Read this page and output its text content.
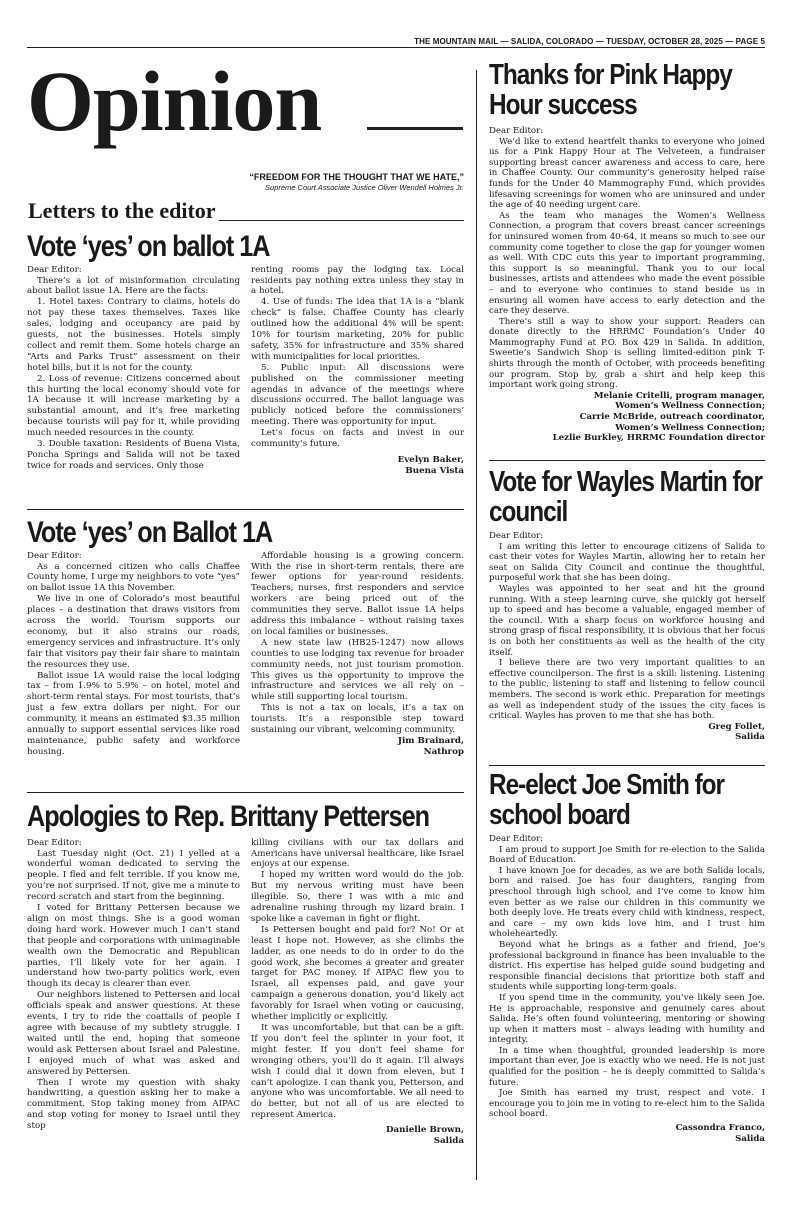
THE MOUNTAIN MAIL — SALIDA, COLORADO — TUESDAY, OCTOBER 28, 2025 — PAGE 5
Opinion
“FREEDOM FOR THE THOUGHT THAT WE HATE,”
Supreme Court Associate Justice Oliver Wendell Holmes Jr.
Letters to the editor
Vote ‘yes’ on ballot 1A

Dear Editor:

There’s a lot of misinformation circulating about ballot issue 1A. Here are the facts:

1. Hotel taxes: Contrary to claims, hotels do not pay these taxes themselves. Taxes like sales, lodging and occupancy are paid by guests, not the businesses. Hotels simply collect and remit them. Some hotels charge an “Arts and Parks Trust” assessment on their hotel bills, but it is not for the county.

2. Loss of revenue: Citizens concerned about this hurting the local economy should vote for 1A because it will increase marketing by a substantial amount, and it’s free marketing because tourists will pay for it, while providing much needed resources in the county.

3. Double taxation: Residents of Buena Vista, Poncha Springs and Salida will not be taxed twice for roads and services. Only those

renting rooms pay the lodging tax. Local residents pay nothing extra unless they stay in a hotel.

4. Use of funds: The idea that 1A is a “blank check” is false. Chaffee County has clearly outlined how the additional 4% will be spent: 10% for tourism marketing, 20% for public safety, 35% for infrastructure and 35% shared with municipalities for local priorities.

5. Public input: All discussions were published on the commissioner meeting agendas in advance of the meetings where discussions occurred. The ballot language was publicly noticed before the commissioners’ meeting. There was opportunity for input.

Let’s focus on facts and invest in our community’s future.

Evelyn Baker,
Buena Vista
Vote ‘yes’ on Ballot 1A

Dear Editor:

As a concerned citizen who calls Chaffee County home, I urge my neighbors to vote “yes” on ballot issue 1A this November.

We live in one of Colorado’s most beautiful places – a destination that draws visitors from across the world. Tourism supports our economy, but it also strains our roads, emergency services and infrastructure. It’s only fair that visitors pay their fair share to maintain the resources they use.

Ballot issue 1A would raise the local lodging tax – from 1.9% to 5.9% – on hotel, motel and short-term rental stays. For most tourists, that’s just a few extra dollars per night. For our community, it means an estimated $3.35 million annually to support essential services like road maintenance, public safety and workforce housing.

Affordable housing is a growing concern. With the rise in short-term rentals, there are fewer options for year-round residents. Teachers, nurses, first responders and service workers are being priced out of the communities they serve. Ballot issue 1A helps address this imbalance – without raising taxes on local families or businesses.

A new state law (HB25-1247) now allows counties to use lodging tax revenue for broader community needs, not just tourism promotion. This gives us the opportunity to improve the infrastructure and services we all rely on – while still supporting local tourism.

This is not a tax on locals, it’s a tax on tourists. It’s a responsible step toward sustaining our vibrant, welcoming community.

Jim Brainard,
Nathrop
Apologies to Rep. Brittany Pettersen

Dear Editor:

Last Tuesday night (Oct. 21) I yelled at a wonderful woman dedicated to serving the people. I fled and felt terrible. If you know me, you’re not surprised. If not, give me a minute to record scratch and start from the beginning.

I voted for Brittany Pettersen because we align on most things. She is a good woman doing hard work. However much I can’t stand that people and corporations with unimaginable wealth own the Democratic and Republican parties, I’ll likely vote for her again. I understand how two-party politics work, even though its decay is clearer than ever.

Our neighbors listened to Pettersen and local officials speak and answer questions. At these events, I try to ride the coattails of people I agree with because of my subtlety struggle. I waited until the end, hoping that someone would ask Pettersen about Israel and Palestine. I enjoyed much of what was asked and answered by Pettersen.

Then I wrote my question with shaky handwriting, a question asking her to make a commitment. Stop taking money from AIPAC and stop voting for money to Israel until they stop

killing civilians with our tax dollars and Americans have universal healthcare, like Israel enjoys at our expense.

I hoped my written word would do the job. But my nervous writing must have been illegible. So, there I was with a mic and adrenaline rushing through my lizard brain. I spoke like a caveman in fight or flight.

Is Pettersen bought and paid for? No! Or at least I hope not. However, as she climbs the ladder, as one needs to do in order to do the good work, she becomes a greater and greater target for PAC money. If AIPAC flew you to Israel, all expenses paid, and gave your campaign a generous donation, you’d likely act favorably for Israel when voting or caucusing, whether implicitly or explicitly.

It was uncomfortable, but that can be a gift. If you don’t feel the splinter in your foot, it might fester. If you don’t feel shame for wronging others, you’ll do it again. I’ll always wish I could dial it down from eleven, but I can’t apologize. I can thank you, Petterson, and anyone who was uncomfortable. We all need to do better, but not all of us are elected to represent America.

Danielle Brown,
Salida
Thanks for Pink Happy
Hour success

Dear Editor:

We’d like to extend heartfelt thanks to everyone who joined us for a Pink Happy Hour at The Velveteen, a fundraiser supporting breast cancer awareness and access to care, here in Chaffee County. Our community’s generosity helped raise funds for the Under 40 Mammography Fund, which provides lifesaving screenings for women who are uninsured and under the age of 40 needing urgent care.

As the team who manages the Women’s Wellness Connection, a program that covers breast cancer screenings for uninsured women from 40-64, it means so much to see our community come together to close the gap for younger women as well. With CDC cuts this year to important programming, this support is so meaningful. Thank you to our local businesses, artists and attendees who made the event possible – and to everyone who continues to stand beside us in ensuring all women have access to early detection and the care they deserve.

There’s still a way to show your support: Readers can donate directly to the HRRMC Foundation’s Under 40 Mammography Fund at P.O. Box 429 in Salida. In addition, Sweetie’s Sandwich Shop is selling limited-edition pink T-shirts through the month of October, with proceeds benefiting our program. Stop by, grab a shirt and help keep this important work going strong.

Melanie Critelli, program manager,
Women’s Wellness Connection;
Carrie McBride, outreach coordinator,
Women’s Wellness Connection;
Lezlie Burkley, HRRMC Foundation director
Vote for Wayles Martin for
council

Dear Editor:

I am writing this letter to encourage citizens of Salida to cast their votes for Wayles Martin, allowing her to retain her seat on Salida City Council and continue the thoughtful, purposeful work that she has been doing.

Wayles was appointed to her seat and hit the ground running. With a steep learning curve, she quickly got herself up to speed and has become a valuable, engaged member of the council. With a sharp focus on workforce housing and strong grasp of fiscal responsibility, it is obvious that her focus is on both her constituents as well as the health of the city itself.

I believe there are two very important qualities to an effective councilperson. The first is a skill: listening. Listening to the public, listening to staff and listening to fellow council members. The second is work ethic. Preparation for meetings as well as independent study of the issues the city faces is critical. Wayles has proven to me that she has both.

Greg Follet,
Salida
Re-elect Joe Smith for
school board

Dear Editor:

I am proud to support Joe Smith for re-election to the Salida Board of Education.

I have known Joe for decades, as we are both Salida locals, born and raised. Joe has four daughters, ranging from preschool through high school, and I’ve come to know him even better as we raise our children in this community we both deeply love. He treats every child with kindness, respect, and care – my own kids love him, and I trust him wholeheartedly.

Beyond what he brings as a father and friend, Joe’s professional background in finance has been invaluable to the district. His expertise has helped guide sound budgeting and responsible financial decisions that prioritize both staff and students while supporting long-term goals.

If you spend time in the community, you’ve likely seen Joe. He is approachable, responsive and genuinely cares about Salida. He’s often found volunteering, mentoring or showing up when it matters most – always leading with humility and integrity.

In a time when thoughtful, grounded leadership is more important than ever, Joe is exactly who we need. He is not just qualified for the position – he is deeply committed to Salida’s future.

Joe Smith has earned my trust, respect and vote. I encourage you to join me in voting to re-elect him to the Salida school board.

Cassondra Franco,
Salida
